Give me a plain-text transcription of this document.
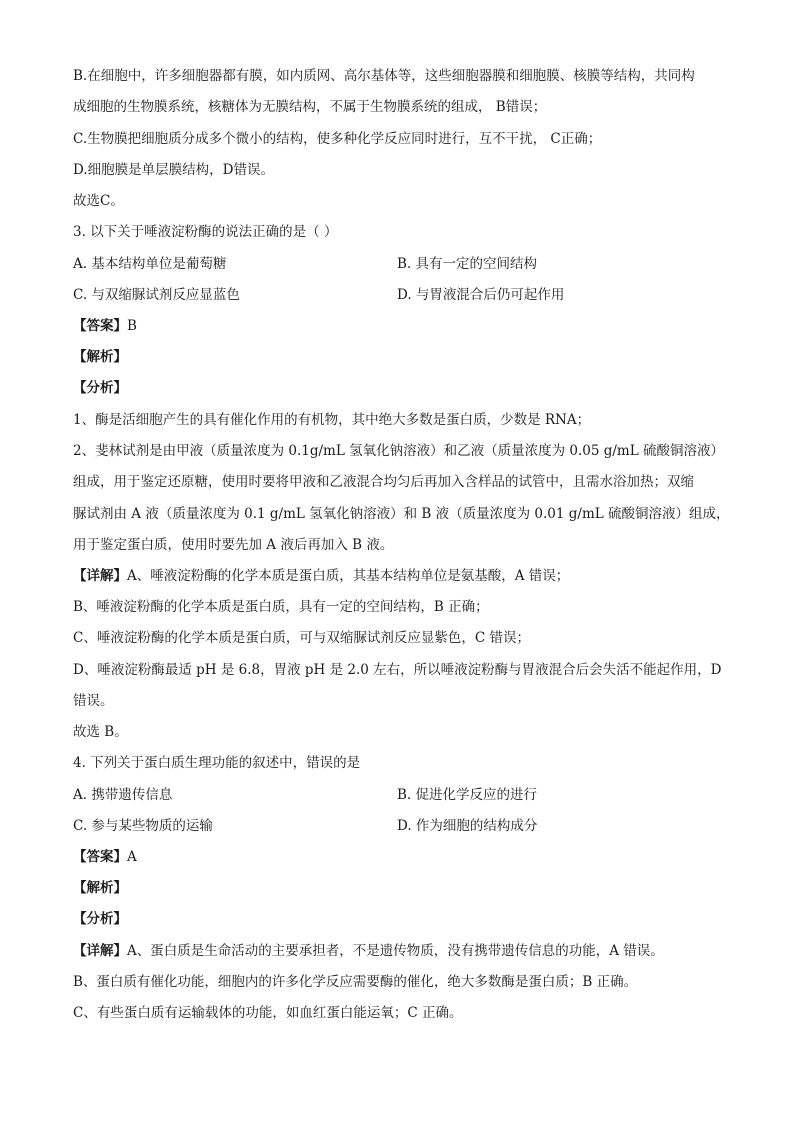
B.在细胞中，许多细胞器都有膜，如内质网、高尔基体等，这些细胞器膜和细胞膜、核膜等结构，共同构
成细胞的生物膜系统，核糖体为无膜结构，不属于生物膜系统的组成， B错误；
C.生物膜把细胞质分成多个微小的结构，使多种化学反应同时进行，互不干扰， C正确；
D.细胞膜是单层膜结构，D错误。
故选C。
3. 以下关于唾液淀粉酶的说法正确的是（ ）
A. 基本结构单位是葡萄糖	B. 具有一定的空间结构
C. 与双缩脲试剂反应显蓝色	D. 与胃液混合后仍可起作用
【答案】B
【解析】
【分析】
1、酶是活细胞产生的具有催化作用的有机物，其中绝大多数是蛋白质，少数是 RNA；
2、斐林试剂是由甲液（质量浓度为 0.1g/mL 氢氧化钠溶液）和乙液（质量浓度为 0.05 g/mL 硫酸铜溶液）
组成，用于鉴定还原糖，使用时要将甲液和乙液混合均匀后再加入含样品的试管中，且需水浴加热；双缩
脲试剂由 A 液（质量浓度为 0.1 g/mL 氢氧化钠溶液）和 B 液（质量浓度为 0.01 g/mL 硫酸铜溶液）组成，
用于鉴定蛋白质，使用时要先加 A 液后再加入 B 液。
【详解】A、唾液淀粉酶的化学本质是蛋白质，其基本结构单位是氨基酸，A 错误；
B、唾液淀粉酶的化学本质是蛋白质，具有一定的空间结构，B 正确；
C、唾液淀粉酶的化学本质是蛋白质，可与双缩脲试剂反应显紫色，C 错误；
D、唾液淀粉酶最适 pH 是 6.8，胃液 pH 是 2.0 左右，所以唾液淀粉酶与胃液混合后会失活不能起作用，D
错误。
故选 B。
4. 下列关于蛋白质生理功能的叙述中，错误的是
A. 携带遗传信息	B. 促进化学反应的进行
C. 参与某些物质的运输	D. 作为细胞的结构成分
【答案】A
【解析】
【分析】
【详解】A、蛋白质是生命活动的主要承担者，不是遗传物质，没有携带遗传信息的功能，A 错误。
B、蛋白质有催化功能，细胞内的许多化学反应需要酶的催化，绝大多数酶是蛋白质；B 正确。
C、有些蛋白质有运输载体的功能，如血红蛋白能运氧；C 正确。
